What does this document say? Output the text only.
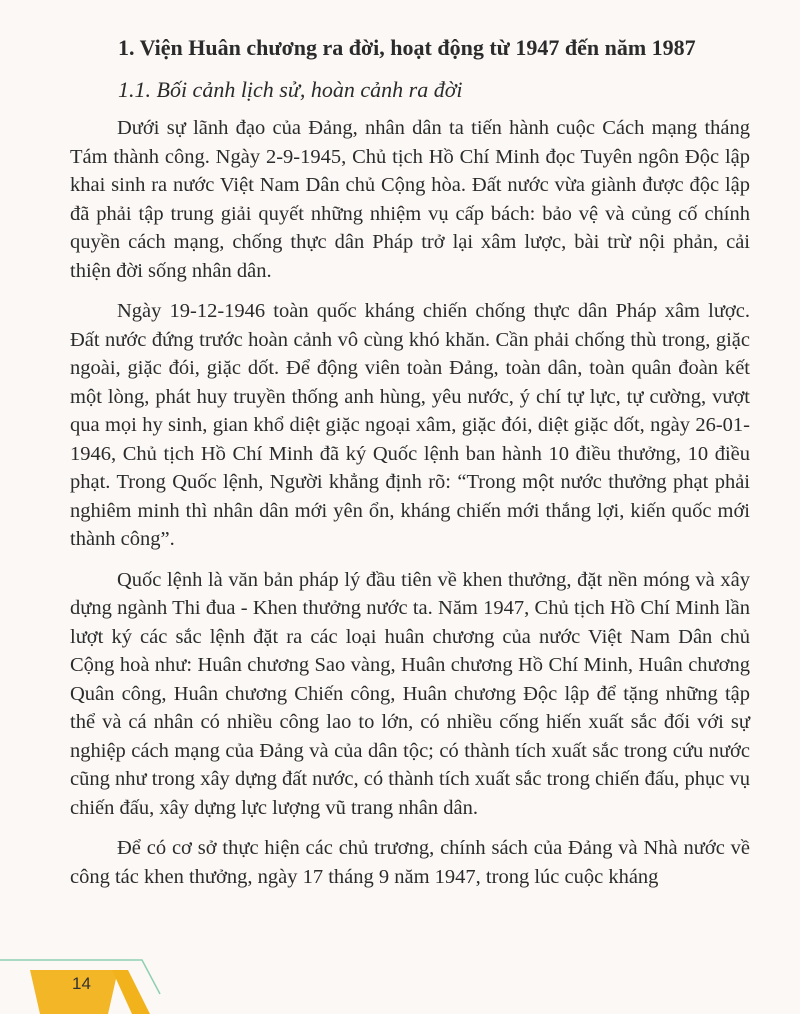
1. Viện Huân chương ra đời, hoạt động từ 1947 đến năm 1987
1.1. Bối cảnh lịch sử, hoàn cảnh ra đời

Dưới sự lãnh đạo của Đảng, nhân dân ta tiến hành cuộc Cách mạng tháng Tám thành công. Ngày 2-9-1945, Chủ tịch Hồ Chí Minh đọc Tuyên ngôn Độc lập khai sinh ra nước Việt Nam Dân chủ Cộng hòa. Đất nước vừa giành được độc lập đã phải tập trung giải quyết những nhiệm vụ cấp bách: bảo vệ và củng cố chính quyền cách mạng, chống thực dân Pháp trở lại xâm lược, bài trừ nội phản, cải thiện đời sống nhân dân.

Ngày 19-12-1946 toàn quốc kháng chiến chống thực dân Pháp xâm lược. Đất nước đứng trước hoàn cảnh vô cùng khó khăn. Cần phải chống thù trong, giặc ngoài, giặc đói, giặc dốt. Để động viên toàn Đảng, toàn dân, toàn quân đoàn kết một lòng, phát huy truyền thống anh hùng, yêu nước, ý chí tự lực, tự cường, vượt qua mọi hy sinh, gian khổ diệt giặc ngoại xâm, giặc đói, diệt giặc dốt, ngày 26-01-1946, Chủ tịch Hồ Chí Minh đã ký Quốc lệnh ban hành 10 điều thưởng, 10 điều phạt. Trong Quốc lệnh, Người khẳng định rõ: “Trong một nước thưởng phạt phải nghiêm minh thì nhân dân mới yên ổn, kháng chiến mới thắng lợi, kiến quốc mới thành công”.

Quốc lệnh là văn bản pháp lý đầu tiên về khen thưởng, đặt nền móng và xây dựng ngành Thi đua - Khen thưởng nước ta. Năm 1947, Chủ tịch Hồ Chí Minh lần lượt ký các sắc lệnh đặt ra các loại huân chương của nước Việt Nam Dân chủ Cộng hoà như: Huân chương Sao vàng, Huân chương Hồ Chí Minh, Huân chương Quân công, Huân chương Chiến công, Huân chương Độc lập để tặng những tập thể và cá nhân có nhiều công lao to lớn, có nhiều cống hiến xuất sắc đối với sự nghiệp cách mạng của Đảng và của dân tộc; có thành tích xuất sắc trong cứu nước cũng như trong xây dựng đất nước, có thành tích xuất sắc trong chiến đấu, phục vụ chiến đấu, xây dựng lực lượng vũ trang nhân dân.

Để có cơ sở thực hiện các chủ trương, chính sách của Đảng và Nhà nước về công tác khen thưởng, ngày 17 tháng 9 năm 1947, trong lúc cuộc kháng

14
